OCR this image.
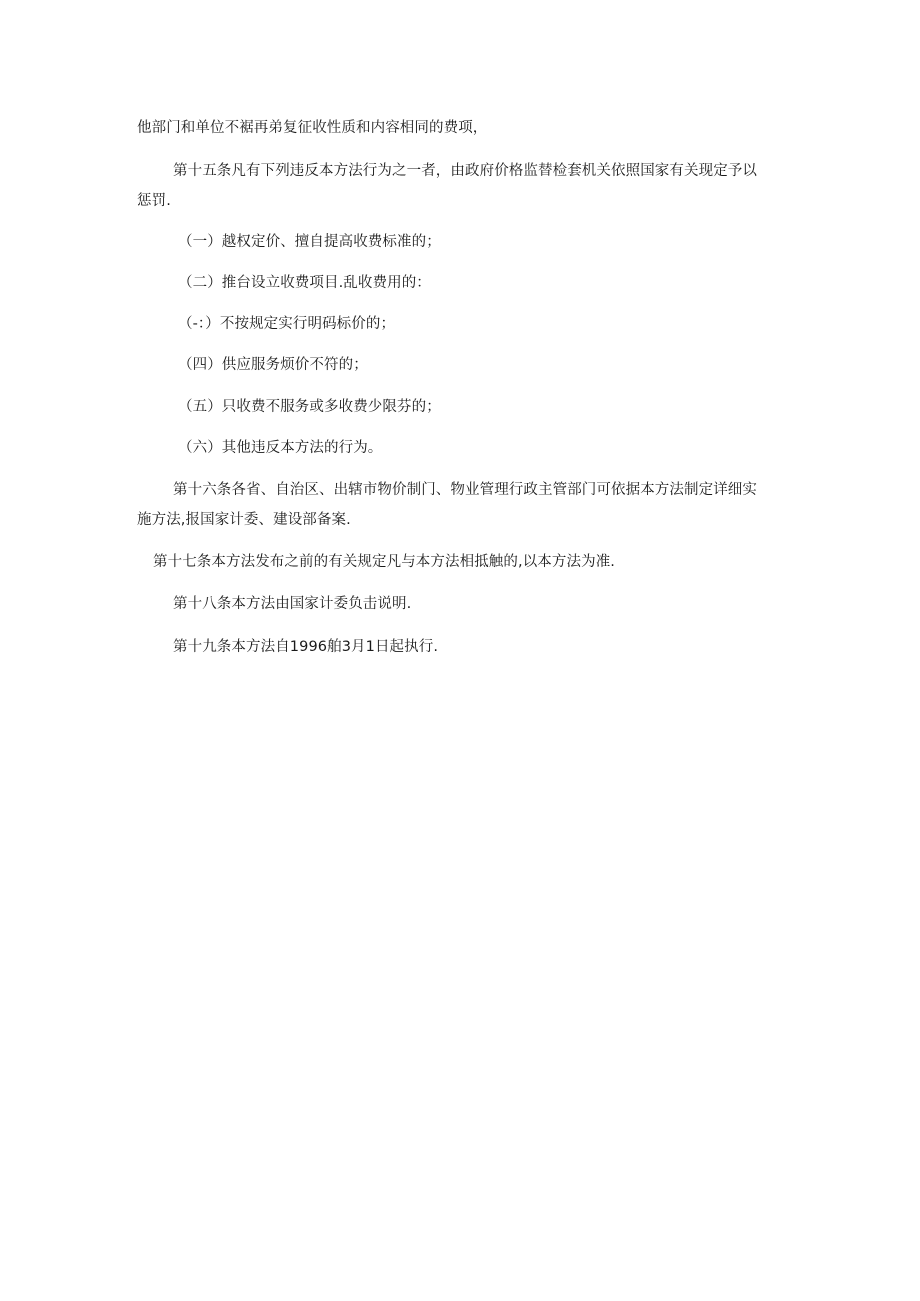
他部门和单位不裾再弟复征收性质和内容相同的费项，
第十五条凡有下列违反本方法行为之一者，由政府价格监替检套机关依照国家有关现定予以
惩罚.
（一）越权定价、擅自提高收费标准的；
（二）推台设立收费项目.乱收费用的：
（-：）不按规定实行明码标价的；
（四）供应服务烦价不符的；
（五）只收费不服务或多收费少限芬的；
（六）其他违反本方法的行为。
第十六条各省、自治区、出辖市物价制门、物业管理行政主管部门可依据本方法制定详细实
施方法,报国家计委、建设部备案.
第十七条本方法发布之前的有关规定凡与本方法相抵触的,以本方法为准.
第十八条本方法由国家计委负击说明.
第十九条本方法自1996舶3月1日起执行.
